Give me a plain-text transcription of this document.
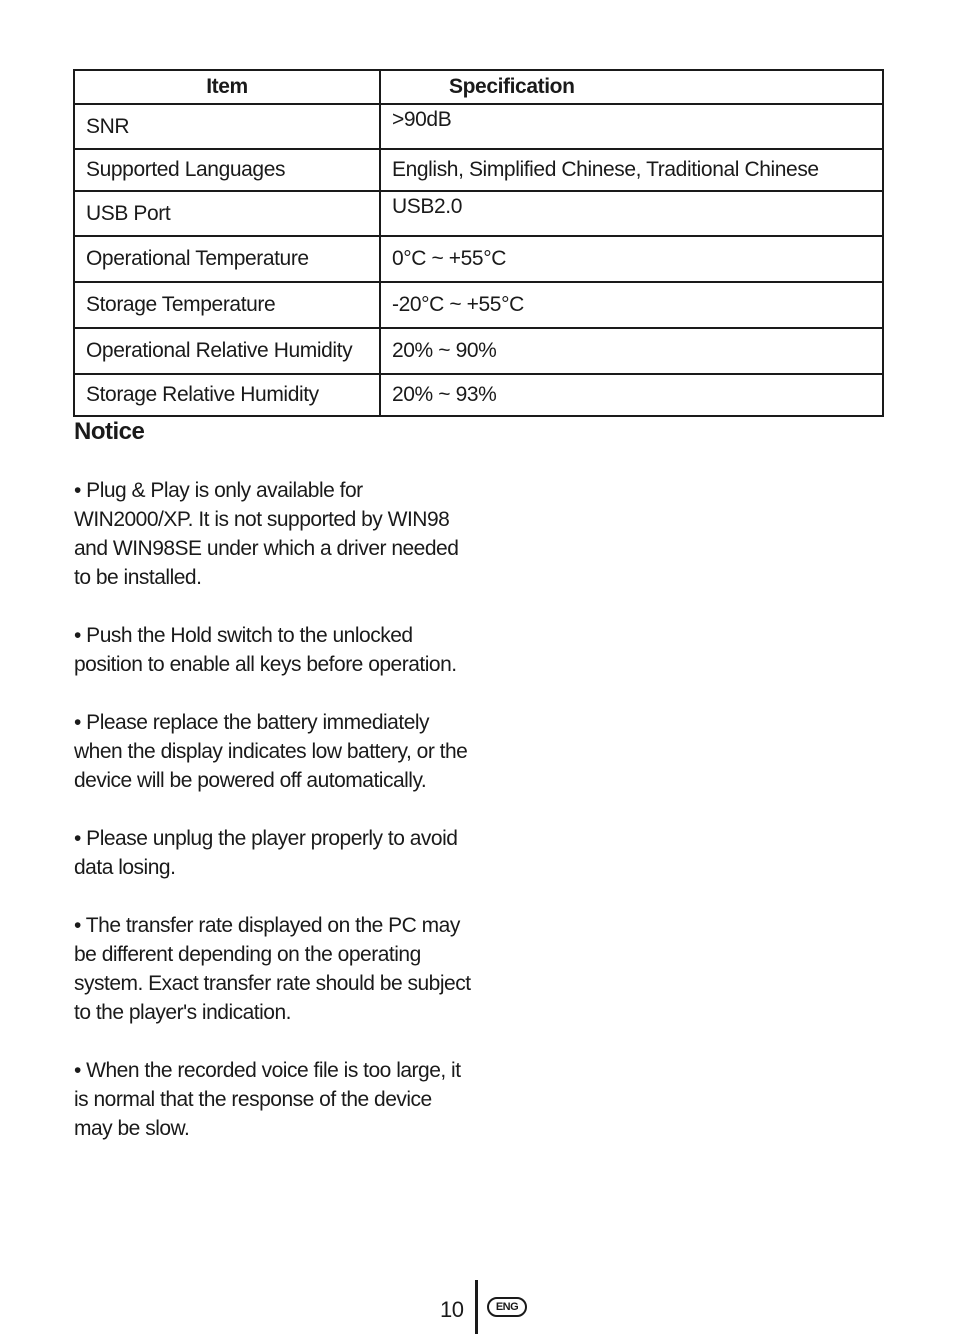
Item	Specification
SNR	>90dB
Supported Languages	English, Simplified Chinese, Traditional Chinese
USB Port	USB2.0
Operational Temperature	0°C ~ +55°C
Storage Temperature	-20°C ~ +55°C
Operational Relative Humidity	20% ~ 90%
Storage Relative Humidity	20% ~ 93%
Notice
• Plug & Play is only available for WIN2000/XP. It is not supported by WIN98 and WIN98SE under which a driver needed to be installed.
• Push the Hold switch to the unlocked position to enable all keys before operation.
• Please replace the battery immediately when the display indicates low battery, or the device will be powered off automatically.
• Please unplug the player properly to avoid data losing.
• The transfer rate displayed on the PC may be different depending on the operating system. Exact transfer rate should be subject to the player's indication.
• When the recorded voice file is too large, it is normal that the response of the device may be slow.
10	ENG
